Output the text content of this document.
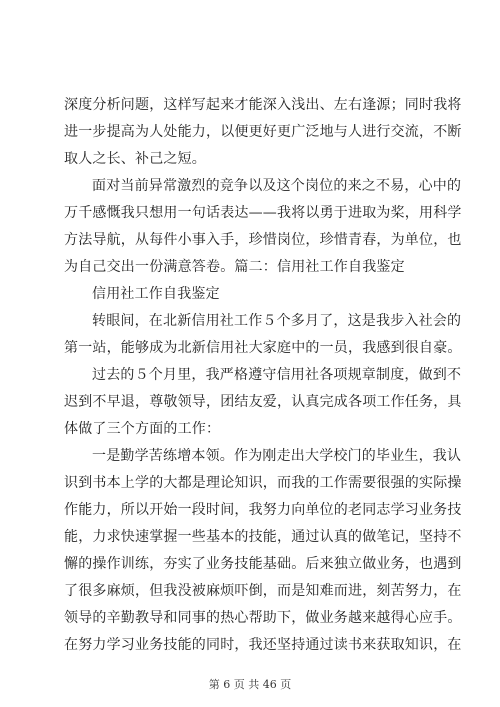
深度分析问题，这样写起来才能深入浅出、左右逢源；同时我将
进一步提高为人处能力，以便更好更广泛地与人进行交流，不断
取人之长、补己之短。
面对当前异常激烈的竞争以及这个岗位的来之不易，心中的
万千感慨我只想用一句话表达——我将以勇于进取为桨，用科学
方法导航，从每件小事入手，珍惜岗位，珍惜青春，为单位，也
为自己交出一份满意答卷。篇二：信用社工作自我鉴定
信用社工作自我鉴定
转眼间，在北新信用社工作５个多月了，这是我步入社会的
第一站，能够成为北新信用社大家庭中的一员，我感到很自豪。
过去的５个月里，我严格遵守信用社各项规章制度，做到不
迟到不早退，尊敬领导，团结友爱，认真完成各项工作任务，具
体做了三个方面的工作：
一是勤学苦练增本领。作为刚走出大学校门的毕业生，我认
识到书本上学的大都是理论知识，而我的工作需要很强的实际操
作能力，所以开始一段时间，我努力向单位的老同志学习业务技
能，力求快速掌握一些基本的技能，通过认真的做笔记，坚持不
懈的操作训练，夯实了业务技能基础。后来独立做业务，也遇到
了很多麻烦，但我没被麻烦吓倒，而是知难而进，刻苦努力，在
领导的辛勤教导和同事的热心帮助下，做业务越来越得心应手。
在努力学习业务技能的同时，我还坚持通过读书来获取知识，在
第 6 页 共 46 页
